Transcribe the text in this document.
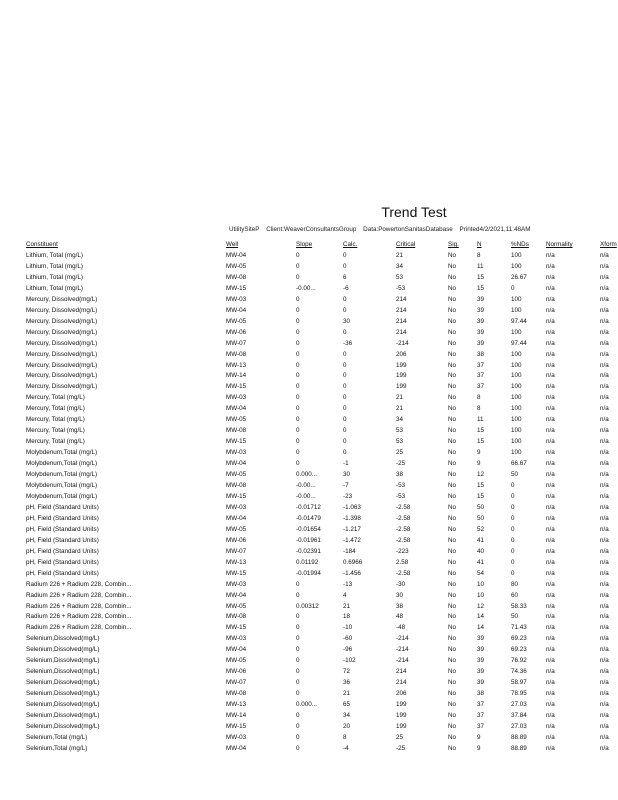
Trend Test
UtilitySiteP Client:WeaverConsultantsGroup Data:PowertonSanitasDatabase Printed4/2/2021,11:48AM
Constituent	Well	Slope	Calc.	Critical	Sig.	N	%NDs	Normality	Xform
Lithium, Total (mg/L)	MW-04	0	0	21	No	8	100	n/a	n/a
Lithium, Total (mg/L)	MW-05	0	0	34	No	11	100	n/a	n/a
Lithium, Total (mg/L)	MW-08	0	6	53	No	15	26.67	n/a	n/a
Lithium, Total (mg/L)	MW-15	-0.00...	-6	-53	No	15	0	n/a	n/a
Mercury, Dissolved(mg/L)	MW-03	0	0	214	No	39	100	n/a	n/a
Mercury, Dissolved(mg/L)	MW-04	0	0	214	No	39	100	n/a	n/a
Mercury, Dissolved(mg/L)	MW-05	0	30	214	No	39	97.44	n/a	n/a
Mercury, Dissolved(mg/L)	MW-06	0	0	214	No	39	100	n/a	n/a
Mercury, Dissolved(mg/L)	MW-07	0	-36	-214	No	39	97.44	n/a	n/a
Mercury, Dissolved(mg/L)	MW-08	0	0	206	No	38	100	n/a	n/a
Mercury, Dissolved(mg/L)	MW-13	0	0	199	No	37	100	n/a	n/a
Mercury, Dissolved(mg/L)	MW-14	0	0	199	No	37	100	n/a	n/a
Mercury, Dissolved(mg/L)	MW-15	0	0	199	No	37	100	n/a	n/a
Mercury, Total (mg/L)	MW-03	0	0	21	No	8	100	n/a	n/a
Mercury, Total (mg/L)	MW-04	0	0	21	No	8	100	n/a	n/a
Mercury, Total (mg/L)	MW-05	0	0	34	No	11	100	n/a	n/a
Mercury, Total (mg/L)	MW-08	0	0	53	No	15	100	n/a	n/a
Mercury, Total (mg/L)	MW-15	0	0	53	No	15	100	n/a	n/a
Molybdenum,Total (mg/L)	MW-03	0	0	25	No	9	100	n/a	n/a
Molybdenum,Total (mg/L)	MW-04	0	-1	-25	No	9	66.67	n/a	n/a
Molybdenum,Total (mg/L)	MW-05	0.000...	30	38	No	12	50	n/a	n/a
Molybdenum,Total (mg/L)	MW-08	-0.00...	-7	-53	No	15	0	n/a	n/a
Molybdenum,Total (mg/L)	MW-15	-0.00...	-23	-53	No	15	0	n/a	n/a
pH, Field (Standard Units)	MW-03	-0.01712	-1.063	-2.58	No	50	0	n/a	n/a
pH, Field (Standard Units)	MW-04	-0.01479	-1.398	-2.58	No	50	0	n/a	n/a
pH, Field (Standard Units)	MW-05	-0.01654	-1.217	-2.58	No	52	0	n/a	n/a
pH, Field (Standard Units)	MW-06	-0.01961	-1.472	-2.58	No	41	0	n/a	n/a
pH, Field (Standard Units)	MW-07	-0.02391	-184	-223	No	40	0	n/a	n/a
pH, Field (Standard Units)	MW-13	0.01192	0.6966	2.58	No	41	0	n/a	n/a
pH, Field (Standard Units)	MW-15	-0.01994	-1.456	-2.58	No	54	0	n/a	n/a
Radium 226 + Radium 228, Combin...	MW-03	0	-13	-30	No	10	80	n/a	n/a
Radium 226 + Radium 228, Combin...	MW-04	0	4	30	No	10	60	n/a	n/a
Radium 226 + Radium 228, Combin...	MW-05	0.00312	21	38	No	12	58.33	n/a	n/a
Radium 226 + Radium 228, Combin...	MW-08	0	18	48	No	14	50	n/a	n/a
Radium 226 + Radium 228, Combin...	MW-15	0	-10	-48	No	14	71.43	n/a	n/a
Selenium,Dissolved(mg/L)	MW-03	0	-60	-214	No	39	69.23	n/a	n/a
Selenium,Dissolved(mg/L)	MW-04	0	-96	-214	No	39	69.23	n/a	n/a
Selenium,Dissolved(mg/L)	MW-05	0	-102	-214	No	39	76.92	n/a	n/a
Selenium,Dissolved(mg/L)	MW-06	0	72	214	No	39	74.36	n/a	n/a
Selenium,Dissolved(mg/L)	MW-07	0	36	214	No	39	58.97	n/a	n/a
Selenium,Dissolved(mg/L)	MW-08	0	21	206	No	38	78.95	n/a	n/a
Selenium,Dissolved(mg/L)	MW-13	0.000...	65	199	No	37	27.03	n/a	n/a
Selenium,Dissolved(mg/L)	MW-14	0	34	199	No	37	37.84	n/a	n/a
Selenium,Dissolved(mg/L)	MW-15	0	20	199	No	37	27.03	n/a	n/a
Selenium,Total (mg/L)	MW-03	0	8	25	No	9	88.89	n/a	n/a
Selenium,Total (mg/L)	MW-04	0	-4	-25	No	9	88.89	n/a	n/a
